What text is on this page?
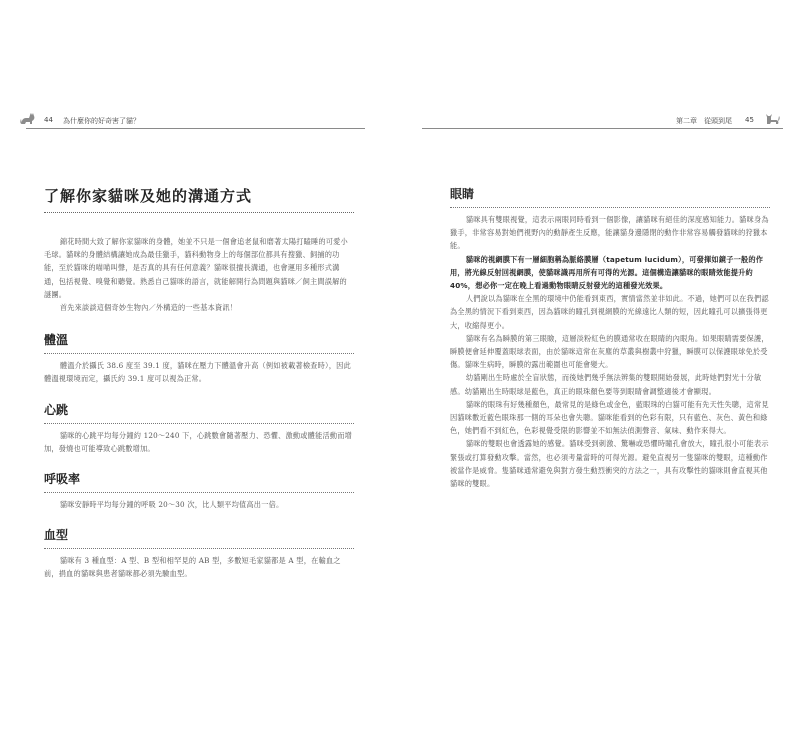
44 為什麼你的好奇害了貓？	第二章　從頭到尾 45
了解你家貓咪及她的溝通方式

錦花時間大致了解你家貓咪的身體，她並不只是一個會追老鼠和磨著太陽打瞌睡的可愛小毛球。貓咪的身體結構讓她成為最佳獵手，貓科動物身上的每個部位都具有搜獵、飼捕的功能，至於貓咪的喵喵叫聲，是否真的具有任何意義？貓咪很擅長溝通，也會運用多種形式溝通，包括視覺、嗅覺和聽覺。熟悉自己貓咪的語言，就能解開行為問題與貓咪／飼主間誤解的謎團。

首先來談談這個奇妙生物內／外構造的一些基本資訊！

體溫

體溫介於攝氏 38.6 度至 39.1 度，貓咪在壓力下體溫會升高（例如被載著檢查時），因此體溫視環境而定，攝氏約 39.1 度可以視為正常。

心跳

貓咪的心跳平均每分鐘約 120～240 下，心跳數會隨著壓力、恐懼、激動或體能活動而增加，發燒也可能導致心跳數增加。

呼吸率

貓咪安靜時平均每分鐘的呼吸 20～30 次，比人類平均值高出一倍。

血型

貓咪有 3 種血型：A 型、B 型和相罕見的 AB 型，多數短毛家貓都是 A 型，在輸血之前，捐血的貓咪與患者貓咪都必須先驗血型。

眼睛

貓咪具有雙眼視覺，這表示兩眼同時看到一個影像，讓貓咪有絕佳的深度感知能力。貓咪身為獵手，非常容易對她們視野內的動靜產生反應，能讓貓身邊隱閉的動作非常容易觸發貓咪的狩獵本能。

貓咪的視網膜下有一層細胞稱為脈絡膜層（tapetum lucidum），可發揮如鏡子一般的作用，將光線反射回視網膜，使貓咪識再用所有可得的光源。這個構造讓貓咪的眼睛效能提升約 40%，想必你一定在晚上看過動物眼睛反射發光的這種發光效果。

人們說以為貓咪在全黑的環境中仍能看到東西，實情當然並非如此。不過，她們可以在我們認為全黑的情況下看到東西，因為貓咪的瞳孔到視網膜的光線遠比人類的短，因此瞳孔可以擴張得更大，收縮得更小。

貓咪有名為瞬膜的第三眼瞼，這層淡粉紅色的膜通常收在眼睛的內眼角。如果眼睛需要保護，瞬膜便會延伸覆蓋眼球表面，由於貓咪這常在灰塵的草叢與樹叢中狩獵，瞬膜可以保護眼球免於受傷。貓咪生病時，瞬膜的露出範圍也可能會變大。

幼貓剛出生時處於全盲狀態，而後她們幾乎無法辨集的雙眼開始發展，此時她們對光十分敏感。幼貓剛出生時眼球是藍色，真正的眼珠顏色要等到眼睛會調整適後才會顯現。

貓咪的眼珠有好幾種顏色，最常見的是綠色或金色，藍眼珠的白貓可能有先天性失聰，這常見因貓咪數近藍色眼珠那一側的耳朵也會失聰。貓咪能看到的色彩有限，只有藍色、灰色、黃色和綠色，她們看不到紅色，色彩視覺受限的影響並不如無法偵測聲音、氣味、動作來得大。

貓咪的雙眼也會透露她的感覺。貓咪受到刺激、驚嚇或恐懼時瞳孔會放大，瞳孔很小可能表示緊張或打算發動攻擊。當然，也必須考量當時的可得光源。避免直視另一隻貓咪的雙眼，這種動作被當作是威脅。隻貓咪通常避免與對方發生動烈衝突的方法之一，具有攻擊性的貓咪則會直視其他貓咪的雙眼。
